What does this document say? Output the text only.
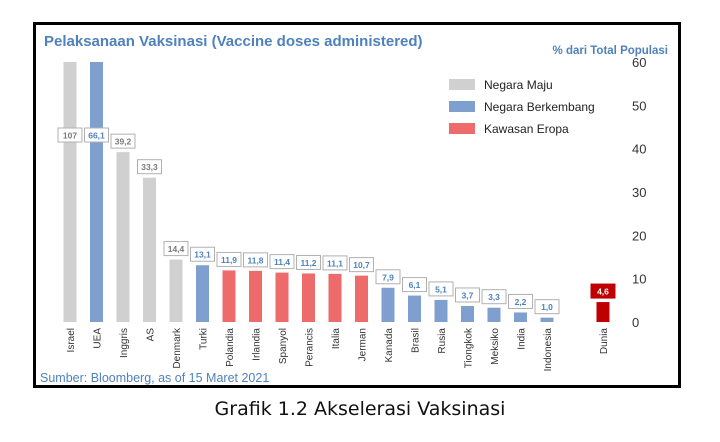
107
Israel
66,1
UEA
39,2
Inggris
33,3
AS
14,4
Denmark
13,1
Turki
11,9
Polandia
11,8
Irlandia
11,4
Spanyol
11,2
Perancis
11,1
Italia
10,7
Jerman
7,9
Kanada
6,1
Brasil
5,1
Rusia
3,7
Tiongkok
3,3
Meksiko
2,2
India
1,0
Indonesia
4,6
Dunia
0
10
20
30
40
50
60
Negara Maju
Negara Berkembang
Kawasan Eropa
Pelaksanaan Vaksinasi (Vaccine doses administered)
% dari Total Populasi
Sumber: Bloomberg, as of 15 Maret 2021
Grafik 1.2 Akselerasi Vaksinasi
